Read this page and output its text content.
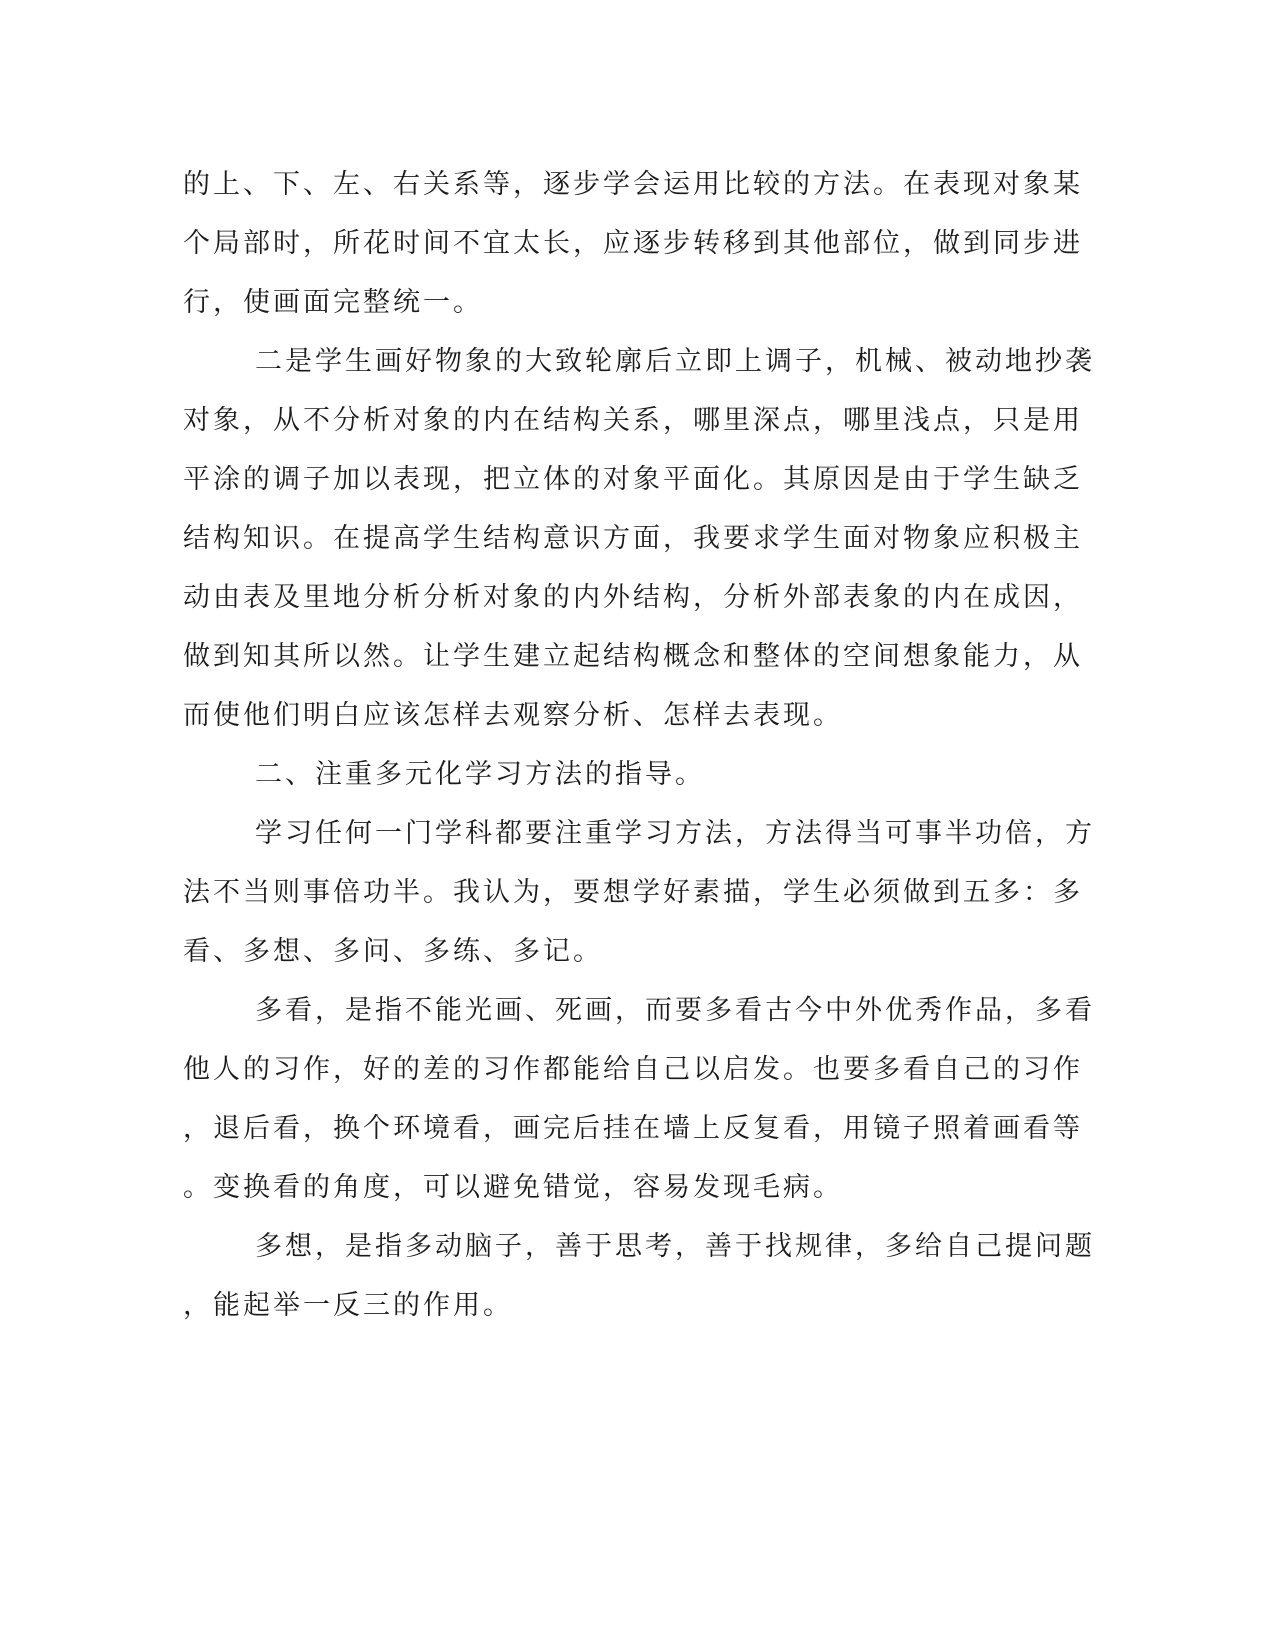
的上、下、左、右关系等，逐步学会运用比较的方法。在表现对象某
个局部时，所花时间不宜太长，应逐步转移到其他部位，做到同步进
行，使画面完整统一。
二是学生画好物象的大致轮廓后立即上调子，机械、被动地抄袭
对象，从不分析对象的内在结构关系，哪里深点，哪里浅点，只是用
平涂的调子加以表现，把立体的对象平面化。其原因是由于学生缺乏
结构知识。在提高学生结构意识方面，我要求学生面对物象应积极主
动由表及里地分析分析对象的内外结构，分析外部表象的内在成因，
做到知其所以然。让学生建立起结构概念和整体的空间想象能力，从
而使他们明白应该怎样去观察分析、怎样去表现。
二、注重多元化学习方法的指导。
学习任何一门学科都要注重学习方法，方法得当可事半功倍，方
法不当则事倍功半。我认为，要想学好素描，学生必须做到五多：多
看、多想、多问、多练、多记。
多看，是指不能光画、死画，而要多看古今中外优秀作品，多看
他人的习作，好的差的习作都能给自己以启发。也要多看自己的习作
，退后看，换个环境看，画完后挂在墙上反复看，用镜子照着画看等
。变换看的角度，可以避免错觉，容易发现毛病。
多想，是指多动脑子，善于思考，善于找规律，多给自己提问题
，能起举一反三的作用。
